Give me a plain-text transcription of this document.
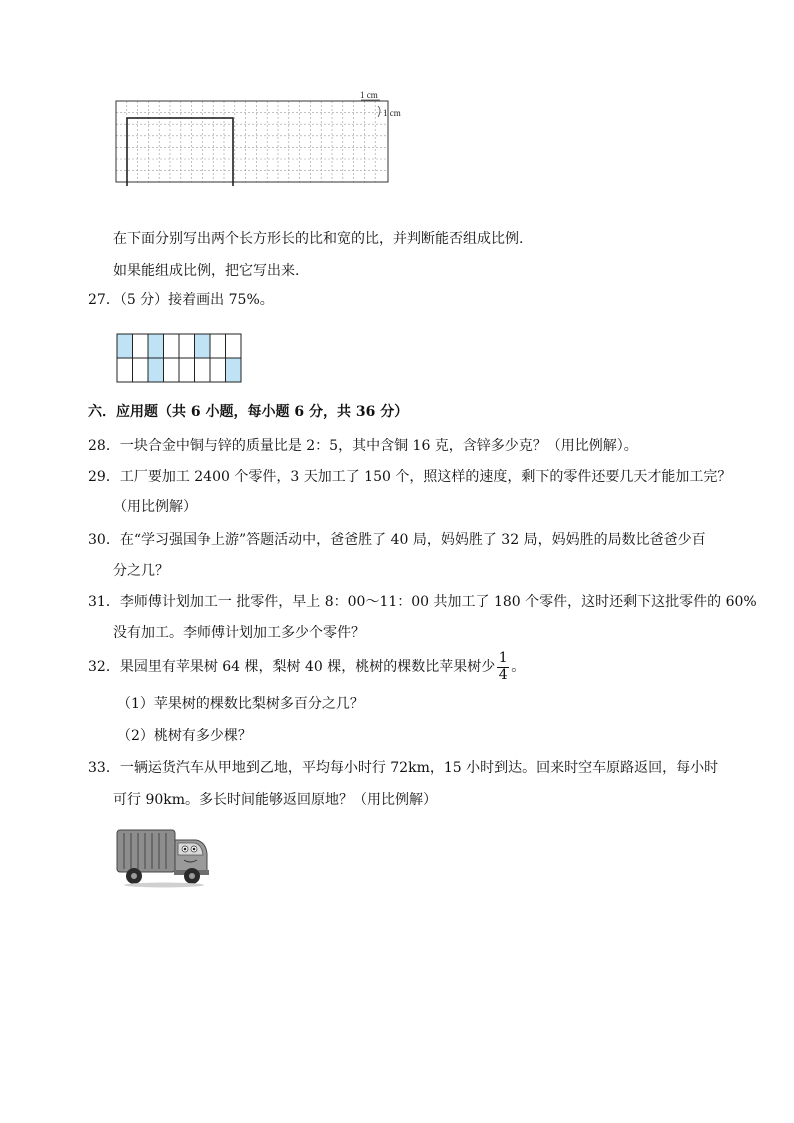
1 cm
1 cm
在下面分别写出两个长方形长的比和宽的比，并判断能否组成比例.
如果能组成比例，把它写出来.
27．（5 分）接着画出 75%。
六．应用题（共 6 小题，每小题 6 分，共 36 分）
28．一块合金中铜与锌的质量比是 2：5，其中含铜 16 克，含锌多少克？（用比例解）。
29．工厂要加工 2400 个零件，3 天加工了 150 个，照这样的速度，剩下的零件还要几天才能加工完？
（用比例解）
30．在“学习强国争上游”答题活动中，爸爸胜了 40 局，妈妈胜了 32 局，妈妈胜的局数比爸爸少百
分之几？
31．李师傅计划加工一 批零件，早上 8：00～11：00 共加工了 180 个零件，这时还剩下这批零件的 60%
没有加工。李师傅计划加工多少个零件？
32．果园里有苹果树 64 棵，梨树 40 棵，桃树的棵数比苹果树少 $\frac{1}{4}$ 。
（1）苹果树的棵数比梨树多百分之几？
（2）桃树有多少棵？
33．一辆运货汽车从甲地到乙地，平均每小时行 72km，15 小时到达。回来时空车原路返回，每小时
可行 90km。多长时间能够返回原地？（用比例解）
